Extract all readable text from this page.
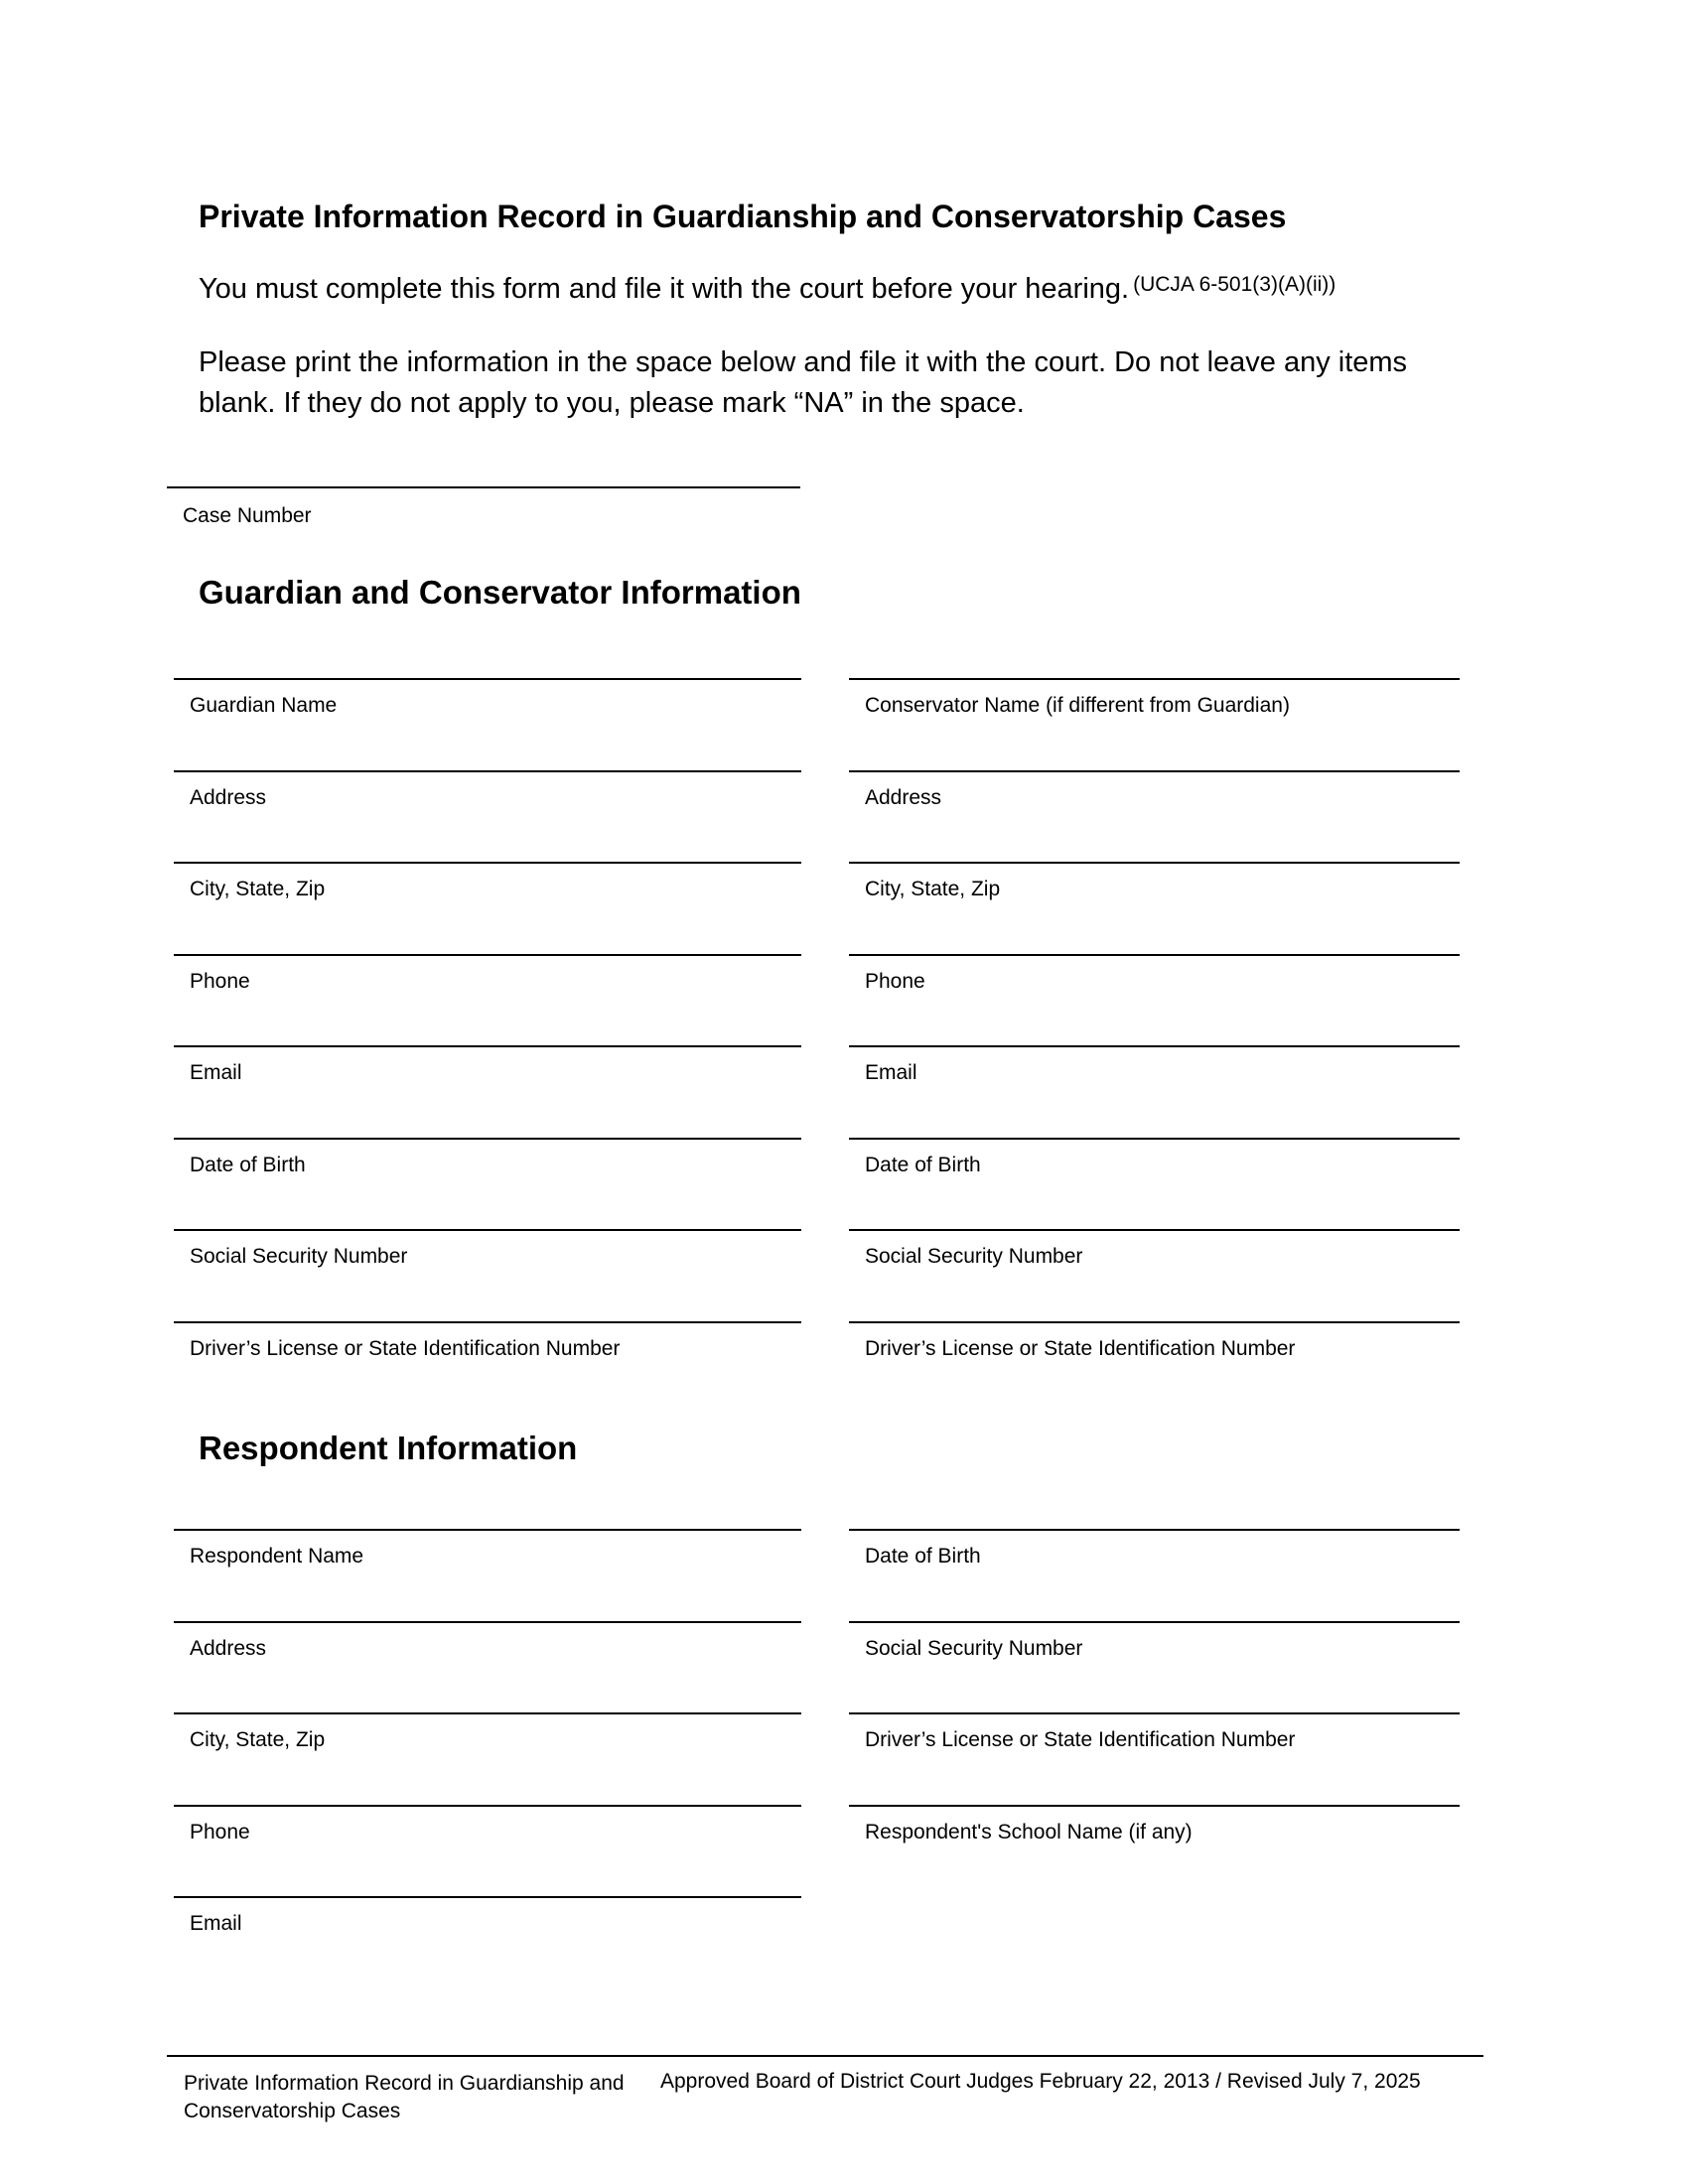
Private Information Record in Guardianship and Conservatorship Cases
You must complete this form and file it with the court before your hearing. $^{(UCJA 6-501(3)(A)(ii))}$
Please print the information in the space below and file it with the court. Do not leave any items blank. If they do not apply to you, please mark “NA” in the space.
Case Number
Guardian and Conservator Information
Guardian Name
Address
City, State, Zip
Phone
Email
Date of Birth
Social Security Number
Driver’s License or State Identification Number
Conservator Name (if different from Guardian)
Address
City, State, Zip
Phone
Email
Date of Birth
Social Security Number
Driver’s License or State Identification Number
Respondent Information
Respondent Name
Address
City, State, Zip
Phone
Email
Date of Birth
Social Security Number
Driver’s License or State Identification Number
Respondent's School Name (if any)
Private Information Record in Guardianship and Conservatorship Cases
Approved Board of District Court Judges February 22, 2013 / Revised July 7, 2025
